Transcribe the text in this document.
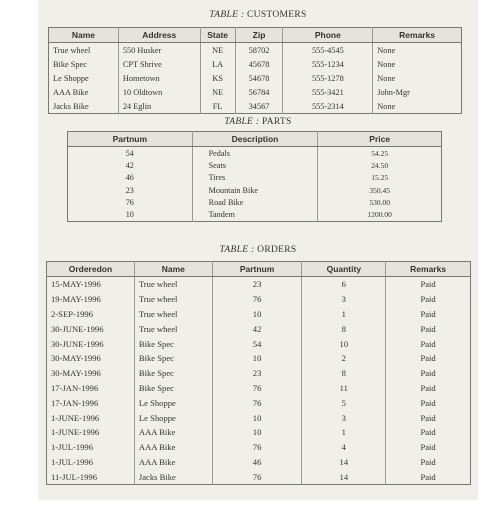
TABLE : CUSTOMERS
Name	Address	State	Zip	Phone	Remarks
True wheel	550 Husker	NE	58702	555-4545	None
Bike Spec	CPT Shrive	LA	45678	555-1234	None
Le Shoppe	Hometown	KS	54678	555-1278	None
AAA Bike	10 Oldtown	NE	56784	555-3421	John-Mgr
Jacks Bike	24 Eglin	FL	34567	555-2314	None
TABLE : PARTS
Partnum	Description	Price
54	Pedals	54.25
42	Seats	24.50
46	Tires	15.25
23	Mountain Bike	350.45
76	Road Bike	530.00
10	Tandem	1200.00
TABLE : ORDERS
Orderedon	Name	Partnum	Quantity	Remarks
15-MAY-1996	True wheel	23	6	Paid
19-MAY-1996	True wheel	76	3	Paid
2-SEP-1996	True wheel	10	1	Paid
30-JUNE-1996	True wheel	42	8	Paid
30-JUNE-1996	Bike Spec	54	10	Paid
30-MAY-1996	Bike Spec	10	2	Paid
30-MAY-1996	Bike Spec	23	8	Paid
17-JAN-1996	Bike Spec	76	11	Paid
17-JAN-1996	Le Shoppe	76	5	Paid
1-JUNE-1996	Le Shoppe	10	3	Paid
1-JUNE-1996	AAA Bike	10	1	Paid
1-JUL-1996	AAA Bike	76	4	Paid
1-JUL-1996	AAA Bike	46	14	Paid
11-JUL-1996	Jacks Bike	76	14	Paid
